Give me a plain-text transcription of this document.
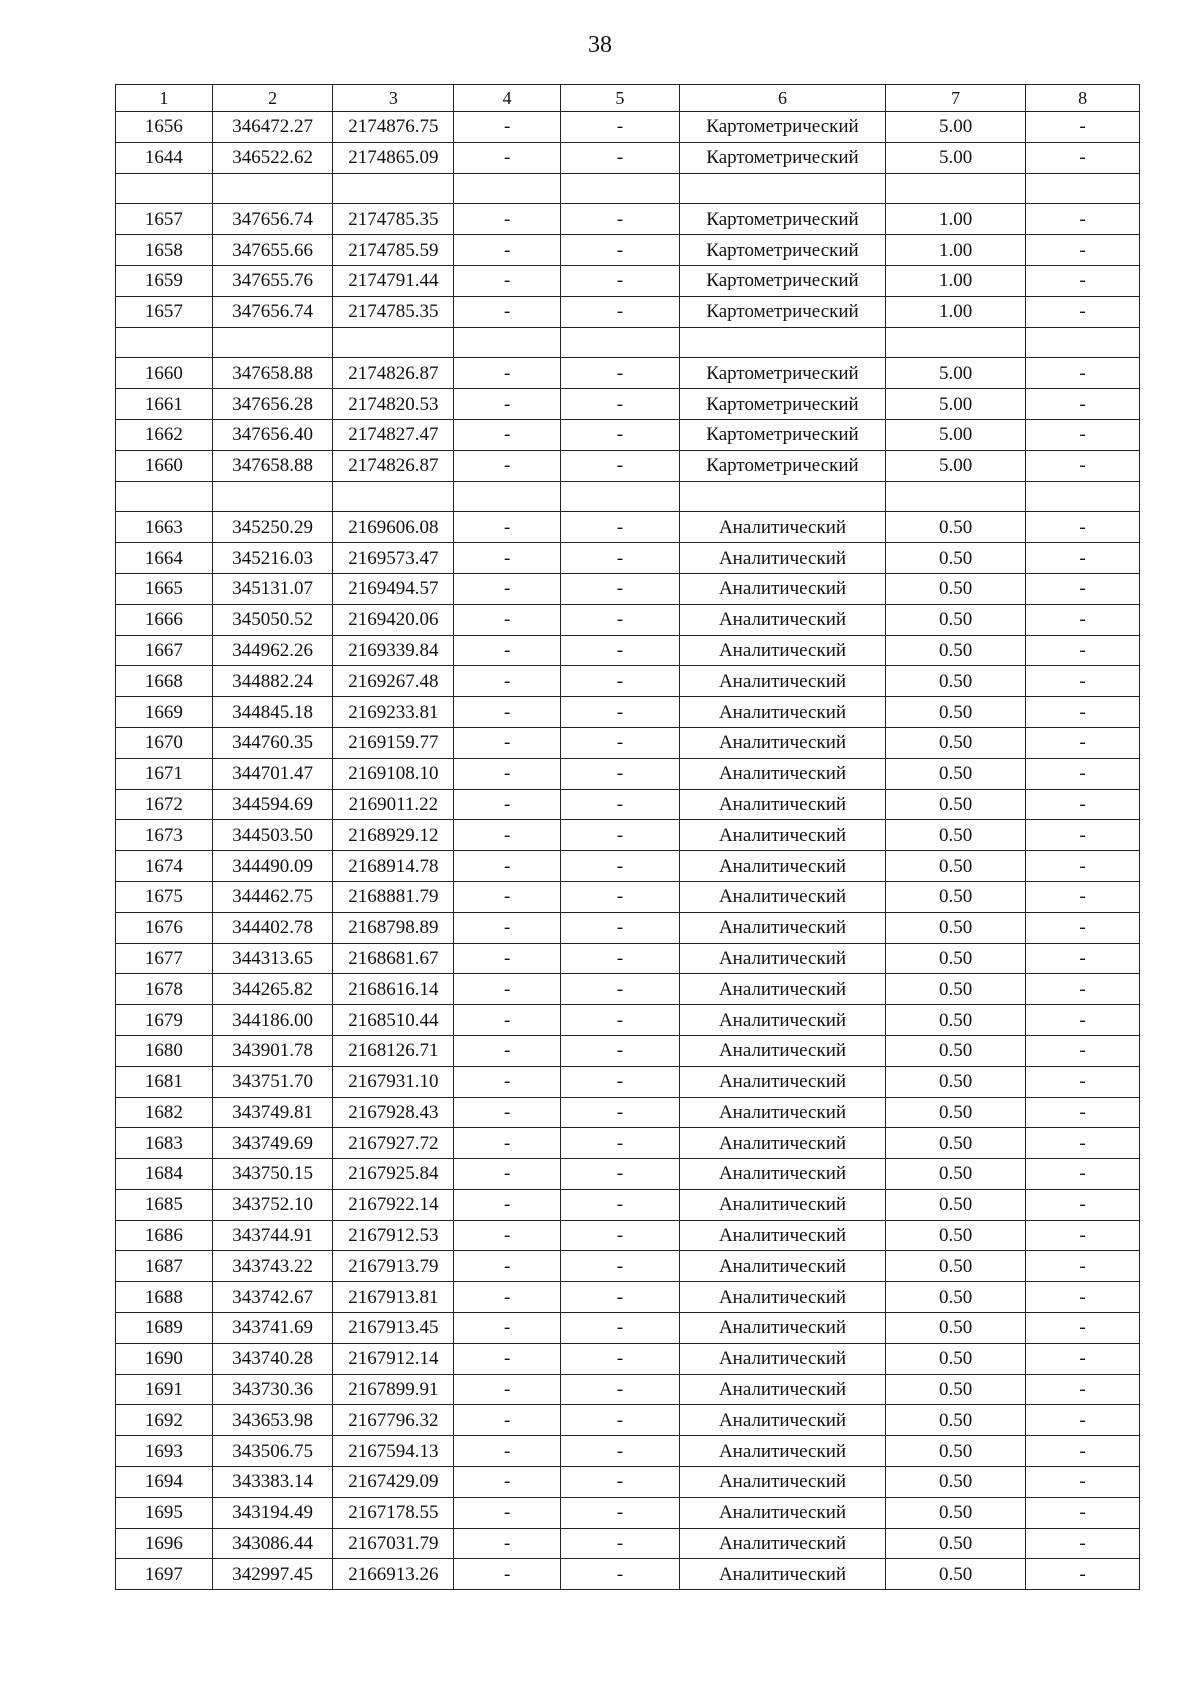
38
1	2	3	4	5	6	7	8
1656	346472.27	2174876.75	-	-	Картометрический	5.00	-
1644	346522.62	2174865.09	-	-	Картометрический	5.00	-

1657	347656.74	2174785.35	-	-	Картометрический	1.00	-
1658	347655.66	2174785.59	-	-	Картометрический	1.00	-
1659	347655.76	2174791.44	-	-	Картометрический	1.00	-
1657	347656.74	2174785.35	-	-	Картометрический	1.00	-

1660	347658.88	2174826.87	-	-	Картометрический	5.00	-
1661	347656.28	2174820.53	-	-	Картометрический	5.00	-
1662	347656.40	2174827.47	-	-	Картометрический	5.00	-
1660	347658.88	2174826.87	-	-	Картометрический	5.00	-

1663	345250.29	2169606.08	-	-	Аналитический	0.50	-
1664	345216.03	2169573.47	-	-	Аналитический	0.50	-
1665	345131.07	2169494.57	-	-	Аналитический	0.50	-
1666	345050.52	2169420.06	-	-	Аналитический	0.50	-
1667	344962.26	2169339.84	-	-	Аналитический	0.50	-
1668	344882.24	2169267.48	-	-	Аналитический	0.50	-
1669	344845.18	2169233.81	-	-	Аналитический	0.50	-
1670	344760.35	2169159.77	-	-	Аналитический	0.50	-
1671	344701.47	2169108.10	-	-	Аналитический	0.50	-
1672	344594.69	2169011.22	-	-	Аналитический	0.50	-
1673	344503.50	2168929.12	-	-	Аналитический	0.50	-
1674	344490.09	2168914.78	-	-	Аналитический	0.50	-
1675	344462.75	2168881.79	-	-	Аналитический	0.50	-
1676	344402.78	2168798.89	-	-	Аналитический	0.50	-
1677	344313.65	2168681.67	-	-	Аналитический	0.50	-
1678	344265.82	2168616.14	-	-	Аналитический	0.50	-
1679	344186.00	2168510.44	-	-	Аналитический	0.50	-
1680	343901.78	2168126.71	-	-	Аналитический	0.50	-
1681	343751.70	2167931.10	-	-	Аналитический	0.50	-
1682	343749.81	2167928.43	-	-	Аналитический	0.50	-
1683	343749.69	2167927.72	-	-	Аналитический	0.50	-
1684	343750.15	2167925.84	-	-	Аналитический	0.50	-
1685	343752.10	2167922.14	-	-	Аналитический	0.50	-
1686	343744.91	2167912.53	-	-	Аналитический	0.50	-
1687	343743.22	2167913.79	-	-	Аналитический	0.50	-
1688	343742.67	2167913.81	-	-	Аналитический	0.50	-
1689	343741.69	2167913.45	-	-	Аналитический	0.50	-
1690	343740.28	2167912.14	-	-	Аналитический	0.50	-
1691	343730.36	2167899.91	-	-	Аналитический	0.50	-
1692	343653.98	2167796.32	-	-	Аналитический	0.50	-
1693	343506.75	2167594.13	-	-	Аналитический	0.50	-
1694	343383.14	2167429.09	-	-	Аналитический	0.50	-
1695	343194.49	2167178.55	-	-	Аналитический	0.50	-
1696	343086.44	2167031.79	-	-	Аналитический	0.50	-
1697	342997.45	2166913.26	-	-	Аналитический	0.50	-
